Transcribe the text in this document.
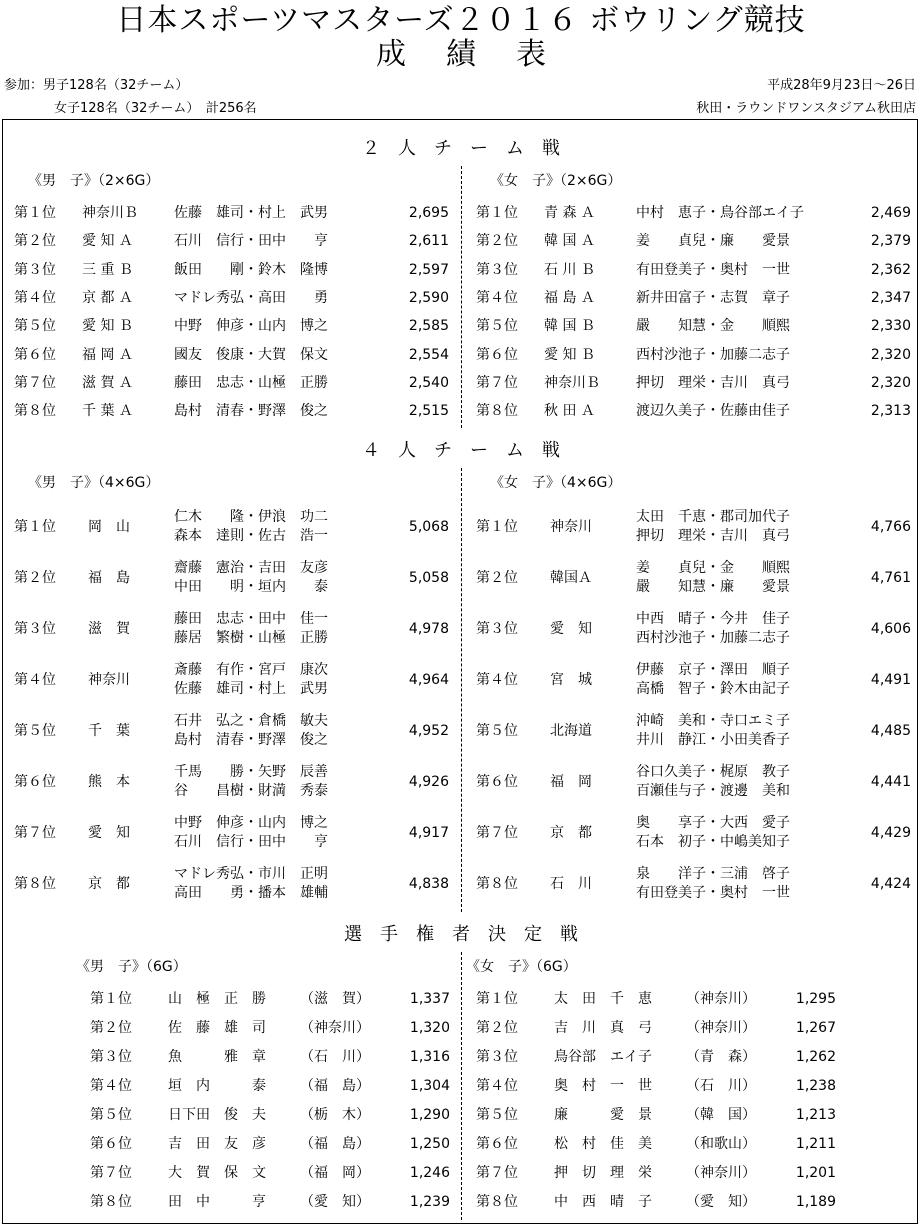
日本スポーツマスターズ２０１６ ボウリング競技
成績表
参加：男子128名（32チーム）
女子128名（32チーム）　計256名
平成28年9月23日～26日
秋田・ラウンドワンスタジアム秋田店
２人チーム戦
《男　子》（2×6G）	《女　子》（2×6G）
第１位 神奈川Ｂ	佐藤　雄司・村上　武男	2,695
第２位 愛 知 Ａ	石川　信行・田中　　亨	2,611
第３位 三 重 Ｂ	飯田　　剛・鈴木　隆博	2,597
第４位 京 都 Ａ	マドレ秀弘・高田　　勇	2,590
第５位 愛 知 Ｂ	中野　伸彦・山内　博之	2,585
第６位 福 岡 Ａ	國友　俊康・大賀　保文	2,554
第７位 滋 賀 Ａ	藤田　忠志・山極　正勝	2,540
第８位 千 葉 Ａ	島村　清春・野澤　俊之	2,515
第１位 青 森 Ａ	中村　恵子・鳥谷部エイ子	2,469
第２位 韓 国 Ａ	姜　　貞兒・廉　　愛景	2,379
第３位 石 川 Ｂ	有田登美子・奥村　一世	2,362
第４位 福 島 Ａ	新井田富子・志賀　章子	2,347
第５位 韓 国 Ｂ	嚴　　知慧・金　　順熙	2,330
第６位 愛 知 Ｂ	西村沙池子・加藤二志子	2,320
第７位 神奈川Ｂ	押切　理栄・吉川　真弓	2,320
第８位 秋 田 Ａ	渡辺久美子・佐藤由佳子	2,313
４人チーム戦
《男　子》（4×6G）	《女　子》（4×6G）
第１位 岡　山
仁木　　隆・伊浪　功二
森本　達則・佐古　浩一
5,068
第２位 福　島
齋藤　憲治・吉田　友彦
中田　　明・垣内　　泰
5,058
第３位 滋　賀
藤田　忠志・田中　佳一
藤居　繁樹・山極　正勝
4,978
第４位 神奈川
斎藤　有作・宮戸　康次
佐藤　雄司・村上　武男
4,964
第５位 千　葉
石井　弘之・倉橋　敏夫
島村　清春・野澤　俊之
4,952
第６位 熊　本
千馬　　勝・矢野　辰善
谷　　昌樹・財満　秀泰
4,926
第７位 愛　知
中野　伸彦・山内　博之
石川　信行・田中　　亨
4,917
第８位 京　都
マドレ秀弘・市川　正明
高田　　勇・播本　雄輔
4,838
第１位 神奈川
太田　千恵・郡司加代子
押切　理栄・吉川　真弓
4,766
第２位 韓国Ａ
姜　　貞兒・金　　順熙
嚴　　知慧・廉　　愛景
4,761
第３位 愛　知
中西　晴子・今井　佳子
西村沙池子・加藤二志子
4,606
第４位 宮　城
伊藤　京子・澤田　順子
高橋　智子・鈴木由記子
4,491
第５位 北海道
沖崎　美和・寺口エミ子
井川　静江・小田美香子
4,485
第６位 福　岡
谷口久美子・梶原　教子
百瀬佳与子・渡邊　美和
4,441
第７位 京　都
奥　　享子・大西　愛子
石本　初子・中嶋美知子
4,429
第８位 石　川
泉　　洋子・三浦　啓子
有田登美子・奥村　一世
4,424
選手権者決定戦
《男　子》（6G）	《女　子》（6G）
第１位	山　極　正　勝 （滋　賀）	1,337
第２位	佐　藤　雄　司 （神奈川）	1,320
第３位	魚　　　雅　章 （石　川）	1,316
第４位	垣　内　　　泰 （福　島）	1,304
第５位	日下田　俊　夫 （栃　木）	1,290
第６位	吉　田　友　彦 （福　島）	1,250
第７位	大　賀　保　文 （福　岡）	1,246
第８位	田　中　　　亨 （愛　知）	1,239
第１位	太　田　千　恵 （神奈川）	1,295
第２位	吉　川　真　弓 （神奈川）	1,267
第３位	鳥谷部　エイ子 （青　森）	1,262
第４位	奥　村　一　世 （石　川）	1,238
第５位	廉　　　愛　景 （韓　国）	1,213
第６位	松　村　佳　美 （和歌山）	1,211
第７位	押　切　理　栄 （神奈川）	1,201
第８位	中　西　晴　子 （愛　知）	1,189
